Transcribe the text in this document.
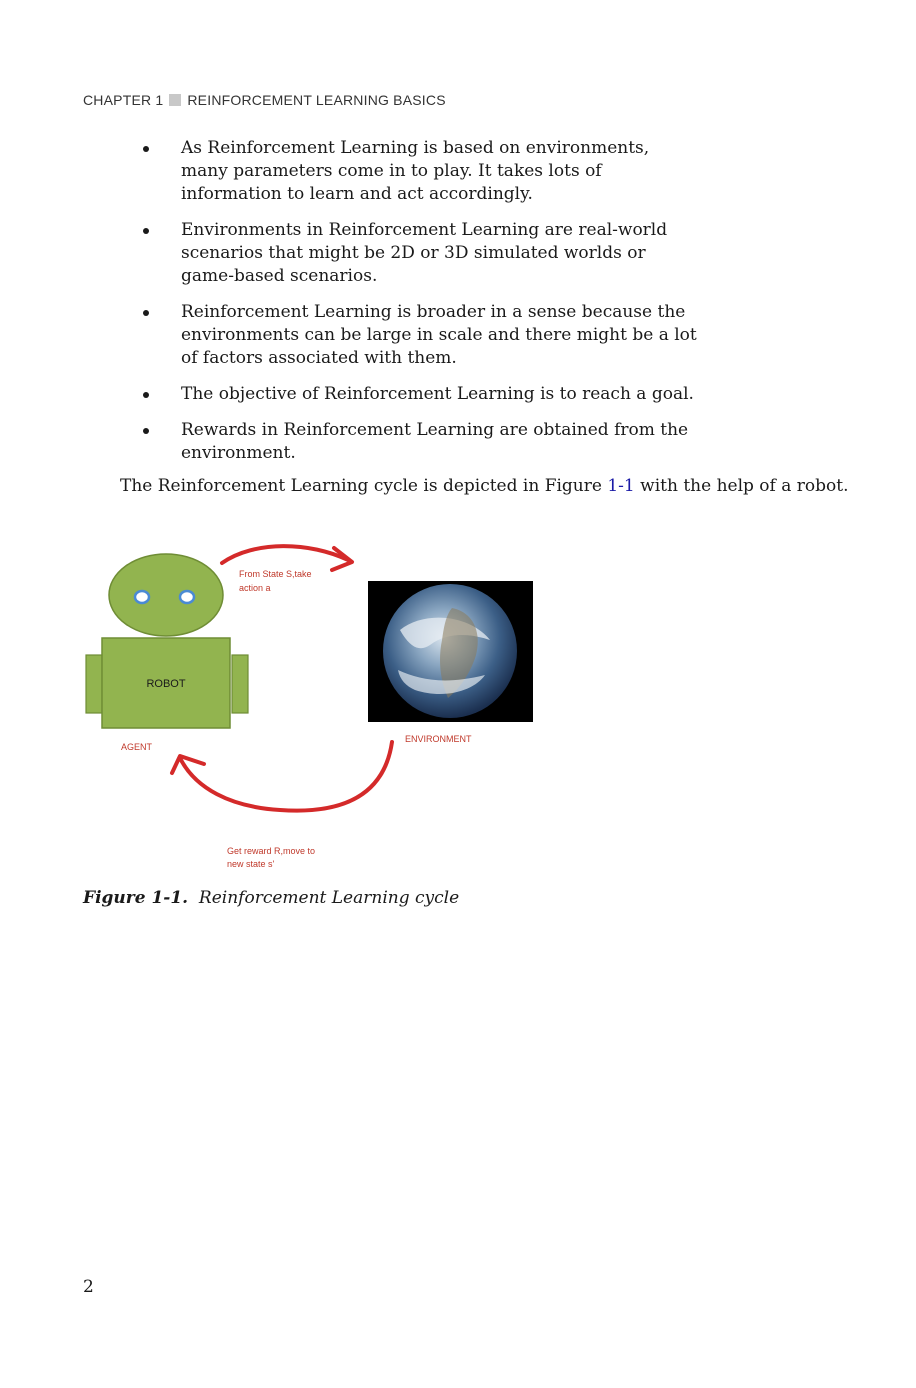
CHAPTER 1 REINFORCEMENT LEARNING BASICS
As Reinforcement Learning is based on environments, many parameters come in to play. It takes lots of information to learn and act accordingly.
Environments in Reinforcement Learning are real-world scenarios that might be 2D or 3D simulated worlds or game-based scenarios.
Reinforcement Learning is broader in a sense because the environments can be large in scale and there might be a lot of factors associated with them.
The objective of Reinforcement Learning is to reach a goal.
Rewards in Reinforcement Learning are obtained from the environment.
The Reinforcement Learning cycle is depicted in Figure 1-1 with the help of a robot.
ROBOT
AGENT
From State S,take
action a
ENVIRONMENT
Get reward R,move to
new state s'
Figure 1-1. Reinforcement Learning cycle
2
